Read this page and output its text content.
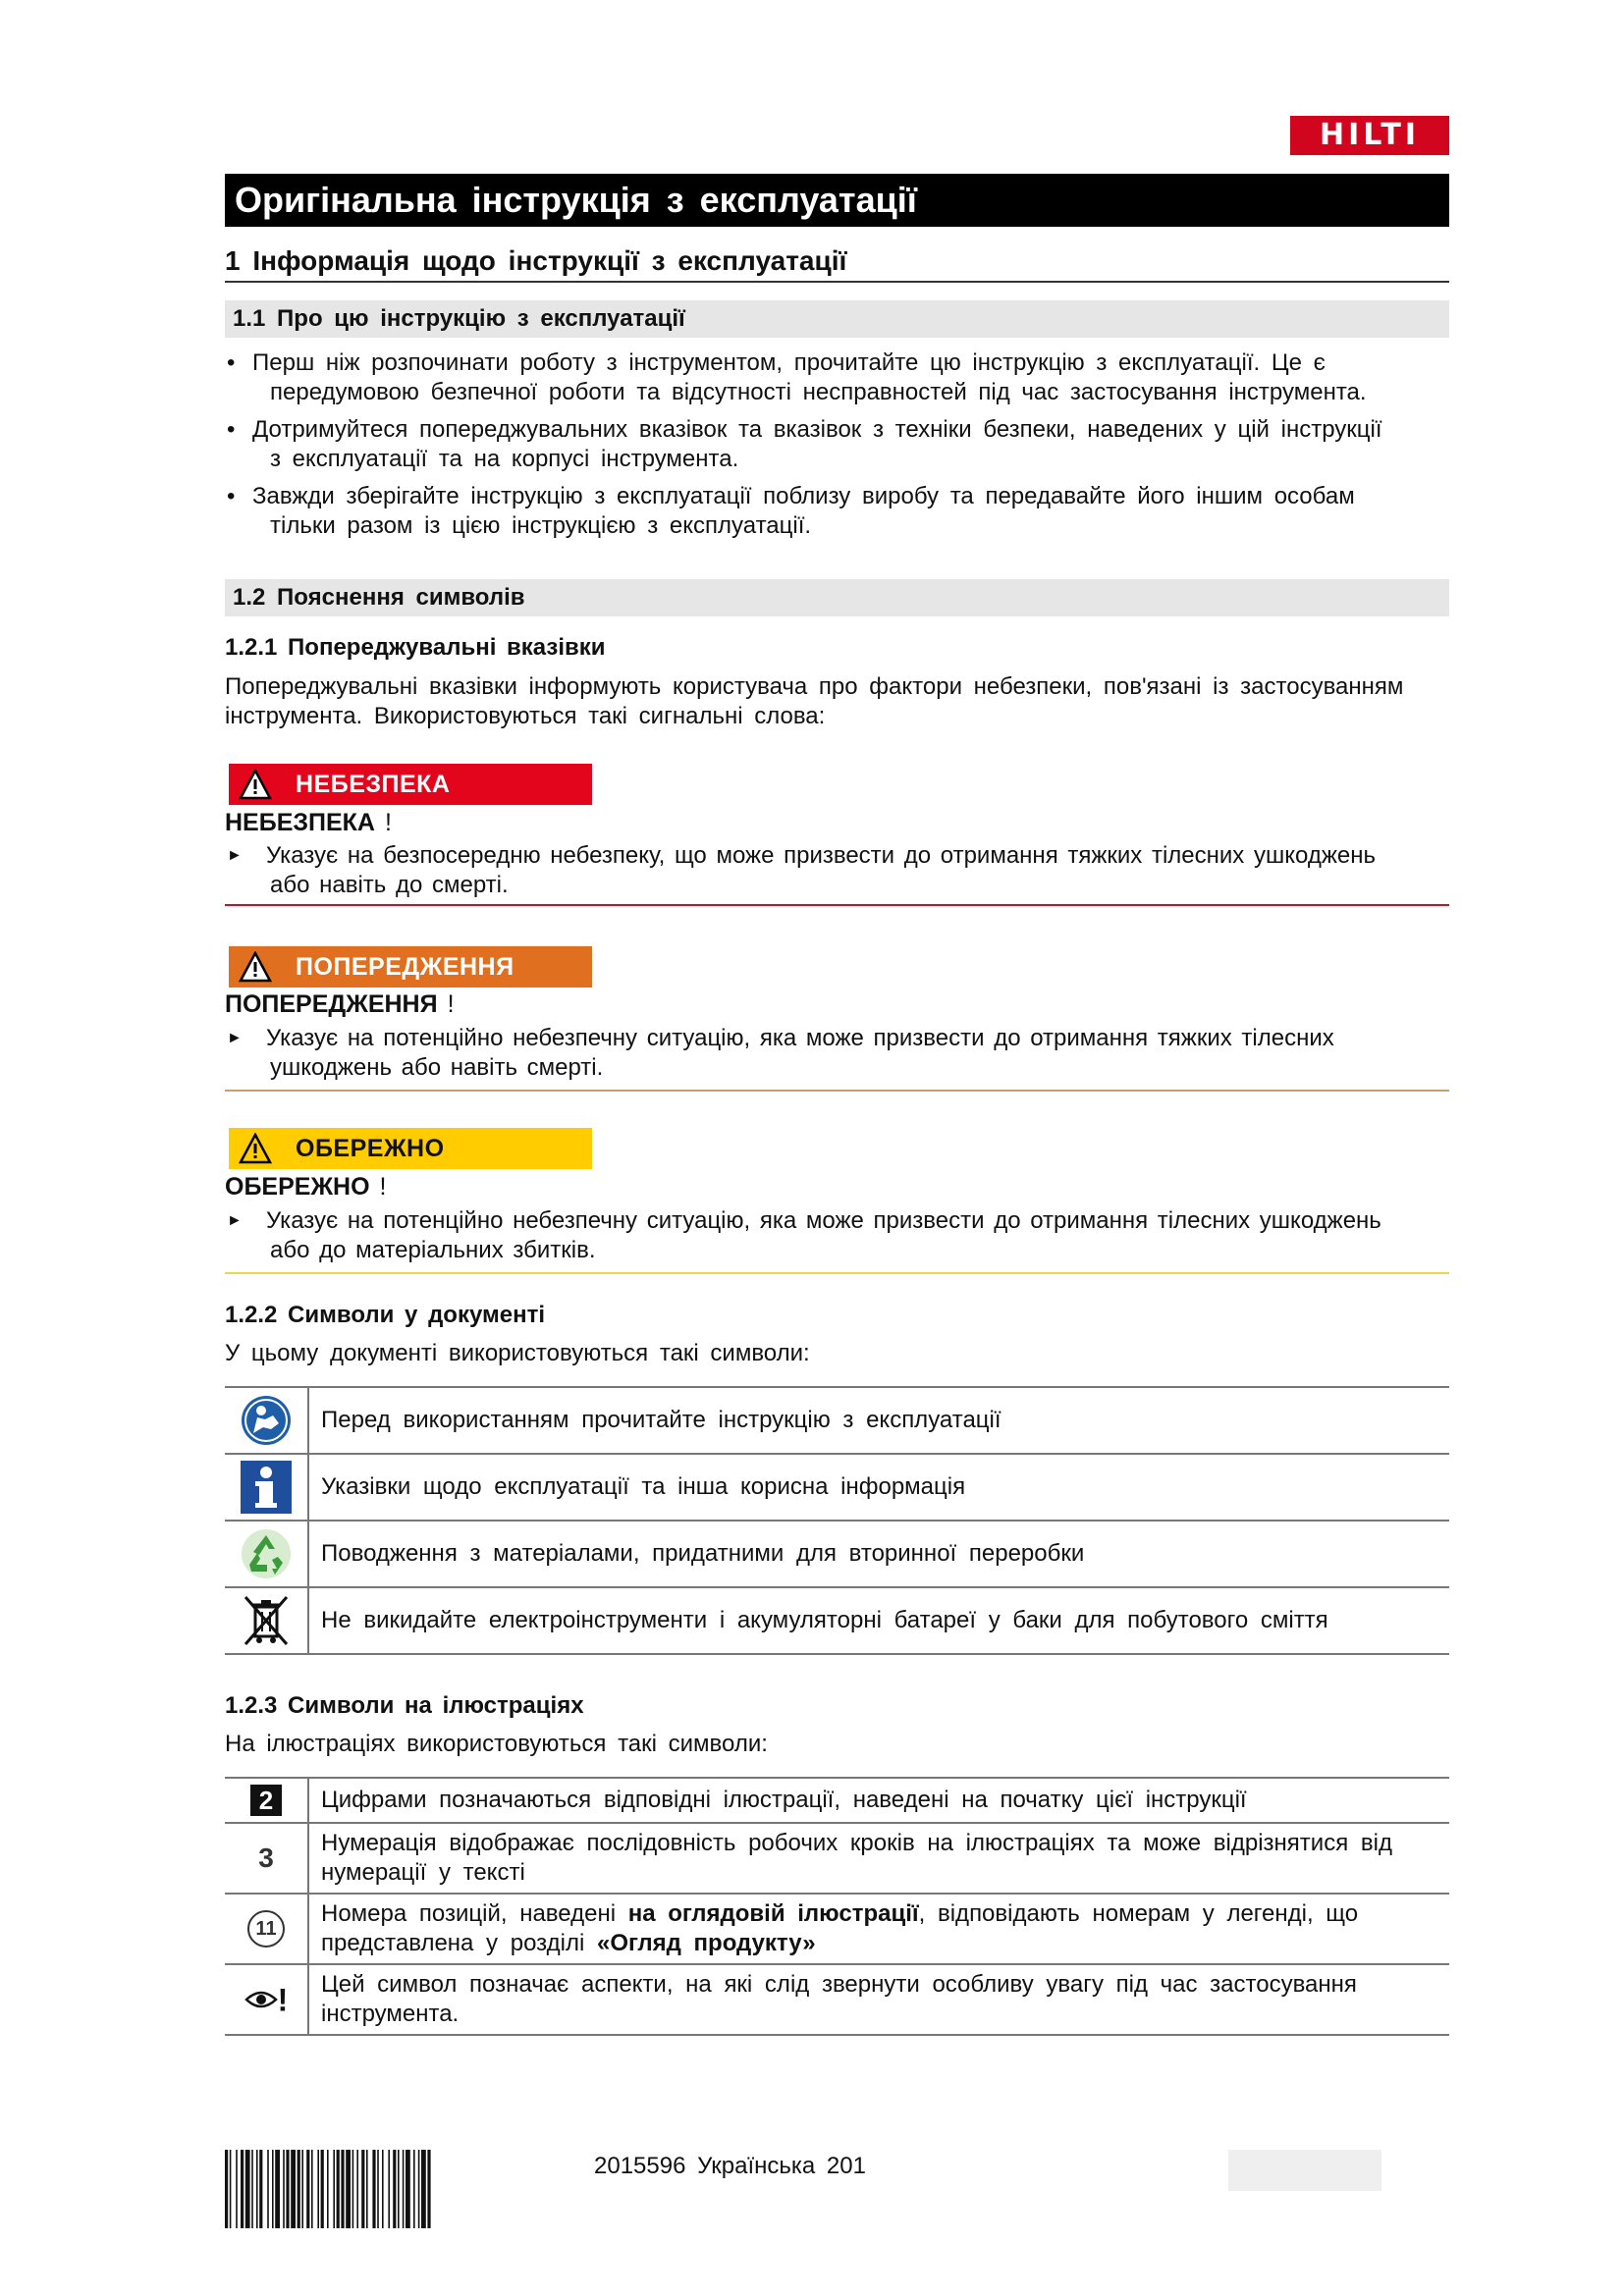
HILTI
Оригінальна інструкція з експлуатації
1 Інформація щодо інструкції з експлуатації
1.1 Про цю інструкцію з експлуатації
• Перш ніж розпочинати роботу з інструментом, прочитайте цю інструкцію з експлуатації. Це є
передумовою безпечної роботи та відсутності несправностей під час застосування інструмента.
• Дотримуйтеся попереджувальних вказівок та вказівок з техніки безпеки, наведених у цій інструкції
з експлуатації та на корпусі інструмента.
• Завжди зберігайте інструкцію з експлуатації поблизу виробу та передавайте його іншим особам
тільки разом із цією інструкцією з експлуатації.
1.2 Пояснення символів
1.2.1 Попереджувальні вказівки
Попереджувальні вказівки інформують користувача про фактори небезпеки, пов'язані із застосуванням
інструмента. Використовуються такі сигнальні слова:
НЕБЕЗПЕКА
НЕБЕЗПЕКА !
► Указує на безпосередню небезпеку, що може призвести до отримання тяжких тілесних ушкоджень
або навіть до смерті.
ПОПЕРЕДЖЕННЯ
ПОПЕРЕДЖЕННЯ !
► Указує на потенційно небезпечну ситуацію, яка може призвести до отримання тяжких тілесних
ушкоджень або навіть смерті.
ОБЕРЕЖНО
ОБЕРЕЖНО !
► Указує на потенційно небезпечну ситуацію, яка може призвести до отримання тілесних ушкоджень
або до матеріальних збитків.
1.2.2 Символи у документі
У цьому документі використовуються такі символи:
	Перед використанням прочитайте інструкцію з експлуатації
	Указівки щодо експлуатації та інша корисна інформація
	Поводження з матеріалами, придатними для вторинної переробки
	Не викидайте електроінструменти і акумуляторні батареї у баки для побутового сміття
1.2.3 Символи на ілюстраціях
На ілюстраціях використовуються такі символи:
2	Цифрами позначаються відповідні ілюстрації, наведені на початку цієї інструкції
3	Нумерація відображає послідовність робочих кроків на ілюстраціях та може відрізнятися від
нумерації у тексті

11	Номера позицій, наведені на оглядовій ілюстрації, відповідають номерам у легенді, що
представлена у розділі «Огляд продукту»

!	Цей символ позначає аспекти, на які слід звернути особливу увагу під час застосування
інструмента.
2015596 Українська 201
